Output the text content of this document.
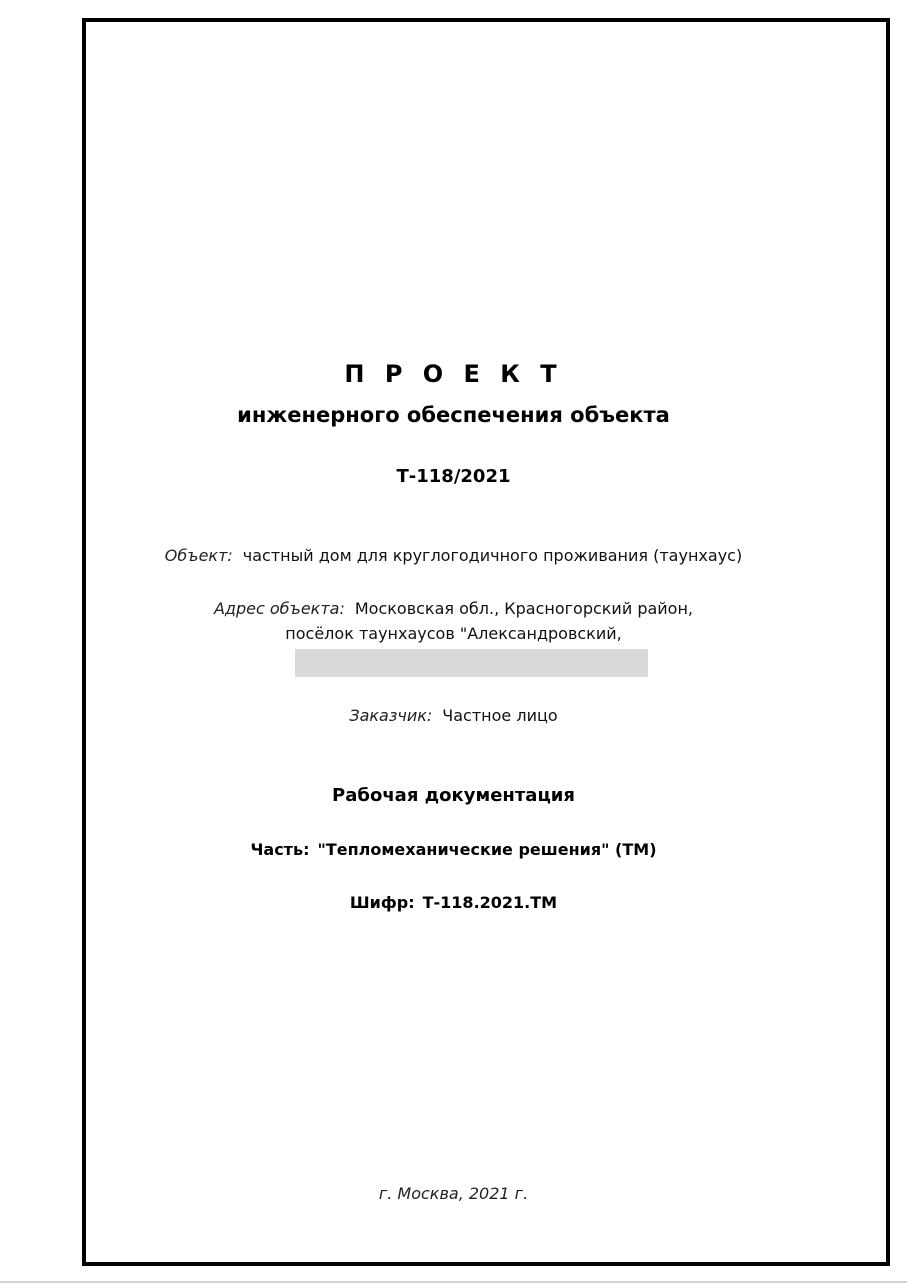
П Р О Е К Т
инженерного обеспечения объекта
Т-118/2021
Объект: частный дом для круглогодичного проживания (таунхаус)
Адрес объекта: Московская обл., Красногорский район,
посёлок таунхаусов "Александровский,
Заказчик: Частное лицо
Рабочая документация
Часть: "Тепломеханические решения" (ТМ)
Шифр: Т-118.2021.ТМ
г. Москва, 2021 г.
